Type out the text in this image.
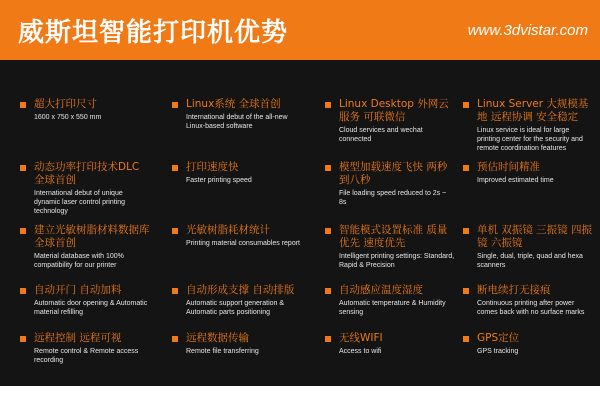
威斯坦智能打印机优势	www.3dvistar.com
超大打印尺寸
1600 x 750 x 550 mm
Linux系统 全球首创
International debut of the all-new Linux-based software
Linux Desktop 外网云服务 可联微信
Cloud services and wechat connected
Linux Server 大规模基地 远程协调 安全稳定
Linux service is ideal for large printing center for the security and remote coordination features
动态功率打印技术DLC 全球首创
International debut of unique dynamic laser control printing technology
打印速度快
Faster printing speed
模型加载速度飞快 两秒到八秒
File loading speed reduced to 2s ~ 8s
预估时间精准
Improved estimated time
建立光敏树脂材料数据库 全球首创
Material database with 100% compatibility for our printer
光敏树脂耗材统计
Printing material consumables report
智能模式设置标准 质量优先 速度优先
Intelligent printing settings: Standard, Rapid & Precision
单机 双振镜 三振镜 四振镜 六振镜
Single, dual, triple, quad and hexa scanners
自动开门 自动加料
Automatic door opening & Automatic material refilling
自动形成支撑 自动排版
Automatic support generation & Automatic parts positioning
自动感应温度湿度
Automatic temperature & Humidity sensing
断电续打无接痕
Continuous printing after power comes back with no surface marks
远程控制 远程可视
Remote control & Remote access recording
远程数据传输
Remote file transferring
无线WIFI
Access to wifi
GPS定位
GPS tracking
